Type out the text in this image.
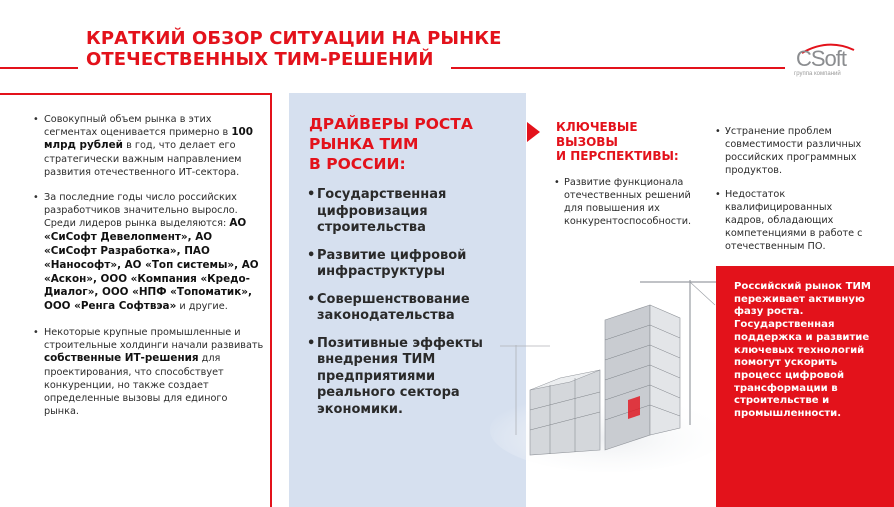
КРАТКИЙ ОБЗОР СИТУАЦИИ НА РЫНКЕ
ОТЕЧЕСТВЕННЫХ ТИМ-РЕШЕНИЙ	CSoft
группа компаний
• Совокупный объем рынка в этих сегментах оценивается примерно в 100 млрд рублей в год, что делает его стратегически важным направлением развития отечественного ИТ-сектора.
• За последние годы число российских разработчиков значительно выросло. Среди лидеров рынка выделяются: АО «СиСофт Девелопмент», АО «СиСофт Разработка», ПАО «Нанософт», АО «Топ системы», АО «Аскон», ООО «Компания «Кредо-Диалог», ООО «НПФ «Топоматик», ООО «Ренга Софтвэа» и другие.
• Некоторые крупные промышленные и строительные холдинги начали развивать собственные ИТ-решения для проектирования, что способствует конкуренции, но также создает определенные вызовы для единого рынка.
ДРАЙВЕРЫ РОСТА
РЫНКА ТИМ
В РОССИИ:
• Государственная цифровизация строительства
• Развитие цифровой инфраструктуры
• Совершенствование законодательства
• Позитивные эффекты внедрения ТИМ предприятиями реального сектора экономики.
КЛЮЧЕВЫЕ
ВЫЗОВЫ
И ПЕРСПЕКТИВЫ:
• Развитие функционала отечественных решений для повышения их конкурентоспособности.
• Устранение проблем совместимости различных российских программных продуктов.
• Недостаток квалифицированных кадров, обладающих компетенциями в работе с отечественным ПО.
Российский рынок ТИМ переживает активную фазу роста. Государственная поддержка и развитие ключевых технологий помогут ускорить процесс цифровой трансформации в строительстве и промышленности.
